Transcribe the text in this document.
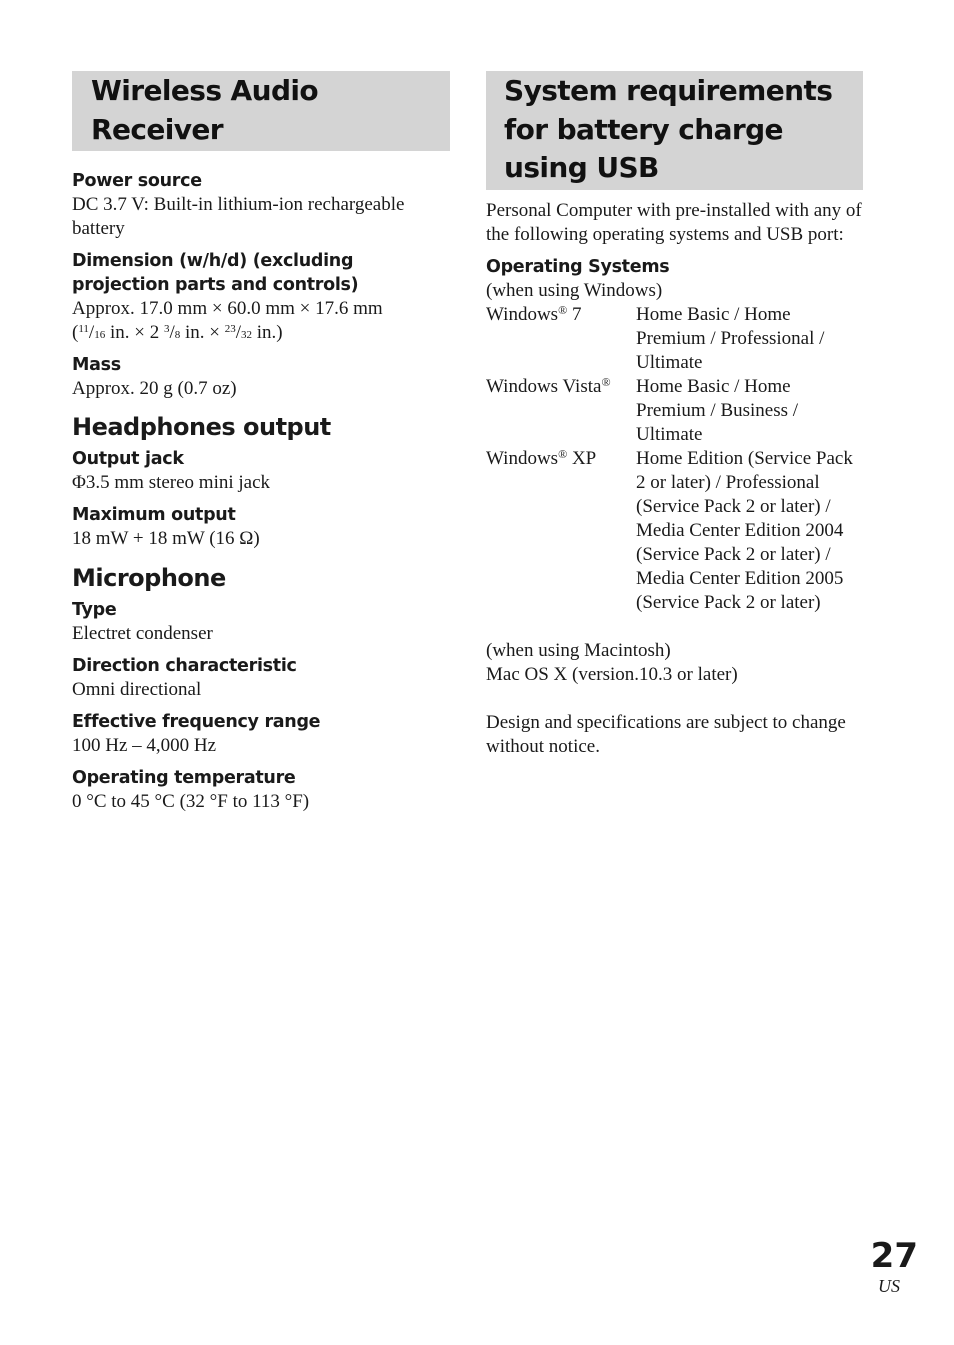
Wireless Audio Receiver
Power source
DC 3.7 V: Built-in lithium-ion rechargeable battery
Dimension (w/h/d) (excluding projection parts and controls)
Approx. 17.0 mm × 60.0 mm × 17.6 mm
($^{11}$/16 in. × 2 $^3$/8 in. × $^{23}$/32 in.)
Mass
Approx. 20 g (0.7 oz)
Headphones output
Output jack
Φ3.5 mm stereo mini jack
Maximum output
18 mW + 18 mW (16 Ω)
Microphone
Type
Electret condenser
Direction characteristic
Omni directional
Effective frequency range
100 Hz – 4,000 Hz
Operating temperature
0 °C to 45 °C (32 °F to 113 °F)
System requirements for battery charge using USB
Personal Computer with pre-installed with any of the following operating systems and USB port:
Operating Systems
(when using Windows)
Windows® 7	Home Basic / Home Premium / Professional / Ultimate
Windows Vista®	Home Basic / Home Premium / Business / Ultimate
Windows® XP	Home Edition (Service Pack 2 or later) / Professional (Service Pack 2 or later) / Media Center Edition 2004 (Service Pack 2 or later) / Media Center Edition 2005 (Service Pack 2 or later)
(when using Macintosh)
Mac OS X (version.10.3 or later)
Design and specifications are subject to change without notice.
27
US
